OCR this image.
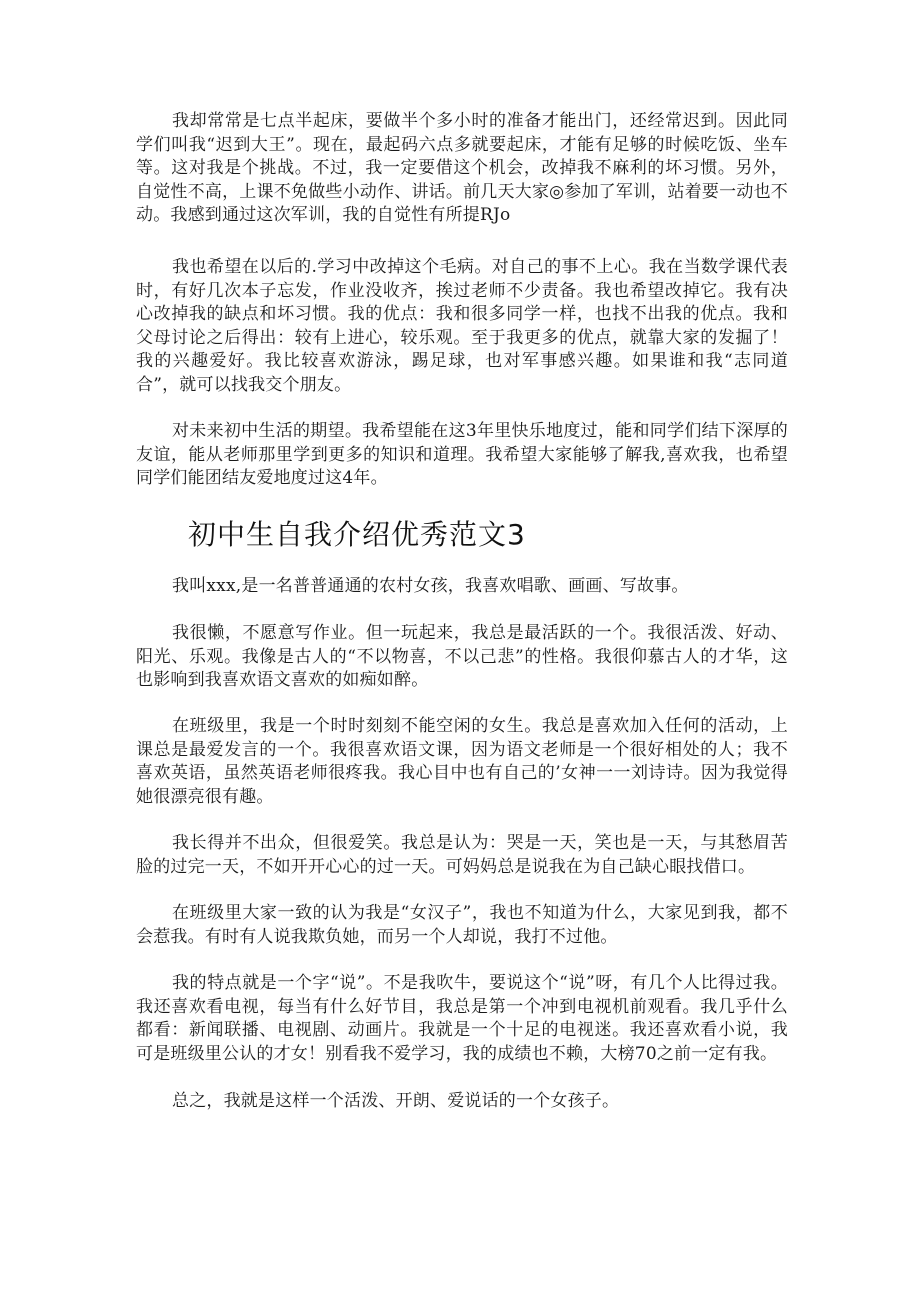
我却常常是七点半起床，要做半个多小时的准备才能出门，还经常迟到。因此同学们叫我“迟到大王”。现在，最起码六点多就要起床，才能有足够的时候吃饭、坐车等。这对我是个挑战。不过，我一定要借这个机会，改掉我不麻利的坏习惯。另外，自觉性不高，上课不免做些小动作、讲话。前几天大家◎参加了军训，站着要一动也不动。我感到通过这次军训，我的自觉性有所提RJo

我也希望在以后的.学习中改掉这个毛病。对自己的事不上心。我在当数学课代表时，有好几次本子忘发，作业没收齐，挨过老师不少责备。我也希望改掉它。我有决心改掉我的缺点和坏习惯。我的优点：我和很多同学一样，也找不出我的优点。我和父母讨论之后得出：较有上进心，较乐观。至于我更多的优点，就靠大家的发掘了！我的兴趣爱好。我比较喜欢游泳，踢足球，也对军事感兴趣。如果谁和我“志同道合”，就可以找我交个朋友。

对未来初中生活的期望。我希望能在这3年里快乐地度过，能和同学们结下深厚的友谊，能从老师那里学到更多的知识和道理。我希望大家能够了解我,喜欢我，也希望同学们能团结友爱地度过这4年。

初中生自我介绍优秀范文3

我叫xxx,是一名普普通通的农村女孩，我喜欢唱歌、画画、写故事。

我很懒，不愿意写作业。但一玩起来，我总是最活跃的一个。我很活泼、好动、阳光、乐观。我像是古人的“不以物喜，不以己悲”的性格。我很仰慕古人的才华，这也影响到我喜欢语文喜欢的如痴如醉。

在班级里，我是一个时时刻刻不能空闲的女生。我总是喜欢加入任何的活动，上课总是最爱发言的一个。我很喜欢语文课，因为语文老师是一个很好相处的人；我不喜欢英语，虽然英语老师很疼我。我心目中也有自己的’女神一一刘诗诗。因为我觉得她很漂亮很有趣。

我长得并不出众，但很爱笑。我总是认为：哭是一天，笑也是一天，与其愁眉苦脸的过完一天，不如开开心心的过一天。可妈妈总是说我在为自己缺心眼找借口。

在班级里大家一致的认为我是“女汉子”，我也不知道为什么，大家见到我，都不会惹我。有时有人说我欺负她，而另一个人却说，我打不过他。

我的特点就是一个字“说”。不是我吹牛，要说这个“说”呀，有几个人比得过我。我还喜欢看电视，每当有什么好节目，我总是第一个冲到电视机前观看。我几乎什么都看：新闻联播、电视剧、动画片。我就是一个十足的电视迷。我还喜欢看小说，我可是班级里公认的才女！别看我不爱学习，我的成绩也不赖，大榜70之前一定有我。

总之，我就是这样一个活泼、开朗、爱说话的一个女孩子。
